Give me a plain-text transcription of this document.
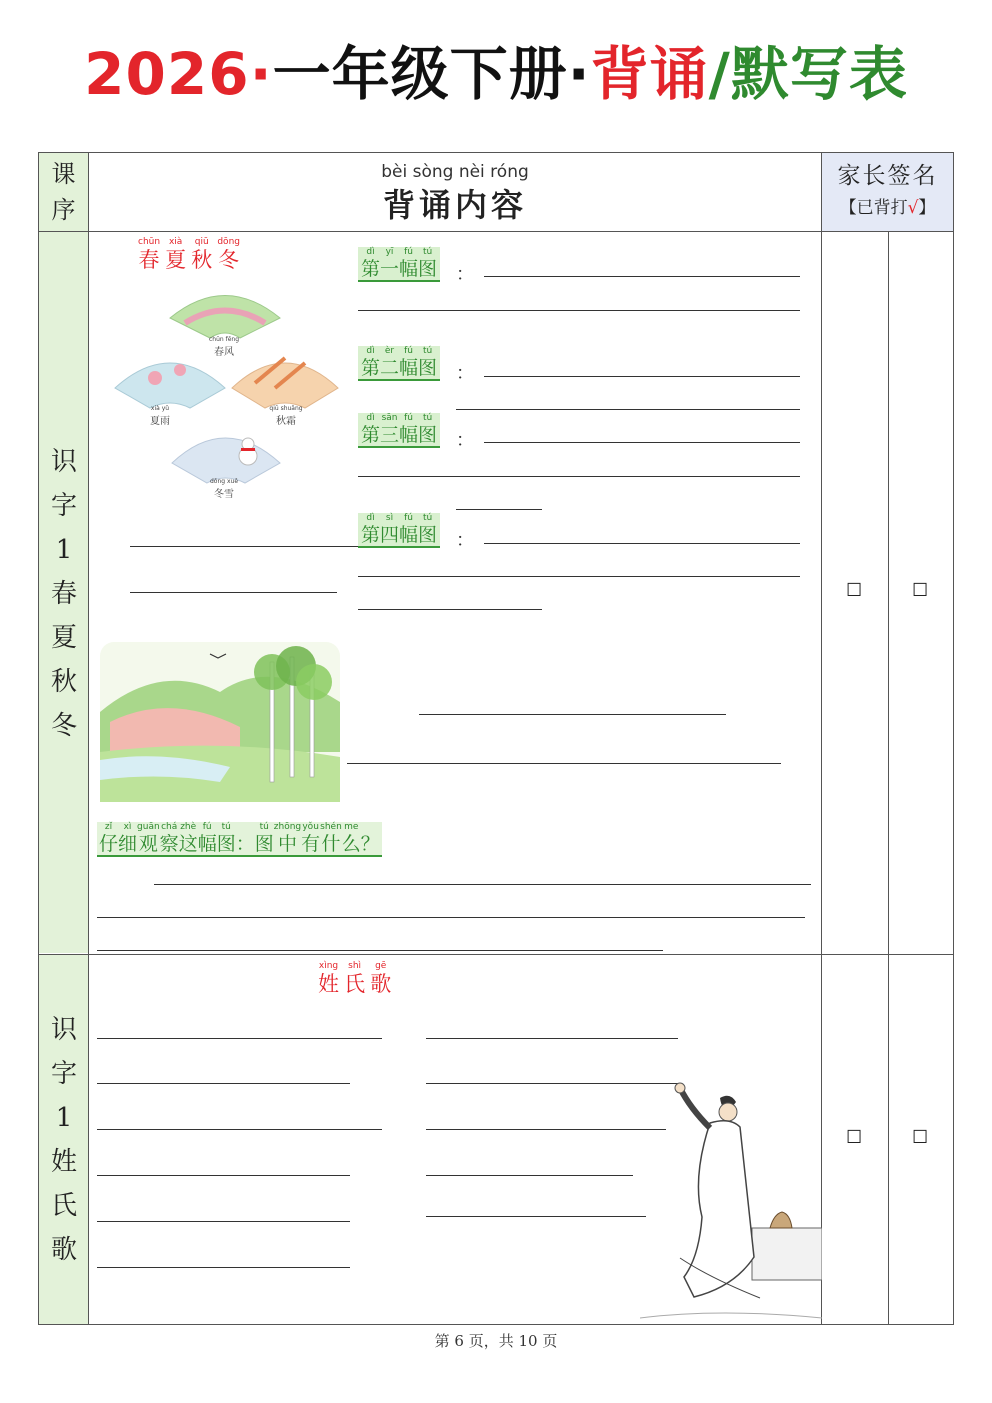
2026·一年级下册·背诵/默写表
课序
bèi sòng nèi róng
背诵内容
家长签名
【已背打√】
识字1春夏秋冬
chūn
春

xià
夏

qiū
秋

dōng
冬
chūn fēng
春风
xià yǔ
夏雨
qiū shuāng
秋霜
dōng xuě
冬雪
dì
第
yī
一
fú
幅
tú
图 ：
dì
第
èr
二
fú
幅
tú
图 ：
dì
第
sān
三
fú
幅
tú
图 ：
dì
第
sì
四
fú
幅
tú
图 ：
zǐ
仔
xì
细
guān
观
chá
察
zhè
这
fú
幅
tú
图
：
tú
图
zhōng
中
yǒu
有
shén
什
me
么
？
☐	☐
识字1姓氏歌
xìng
姓

shì
氏

gē
歌
☐	☐
第 6 页，共 10 页
